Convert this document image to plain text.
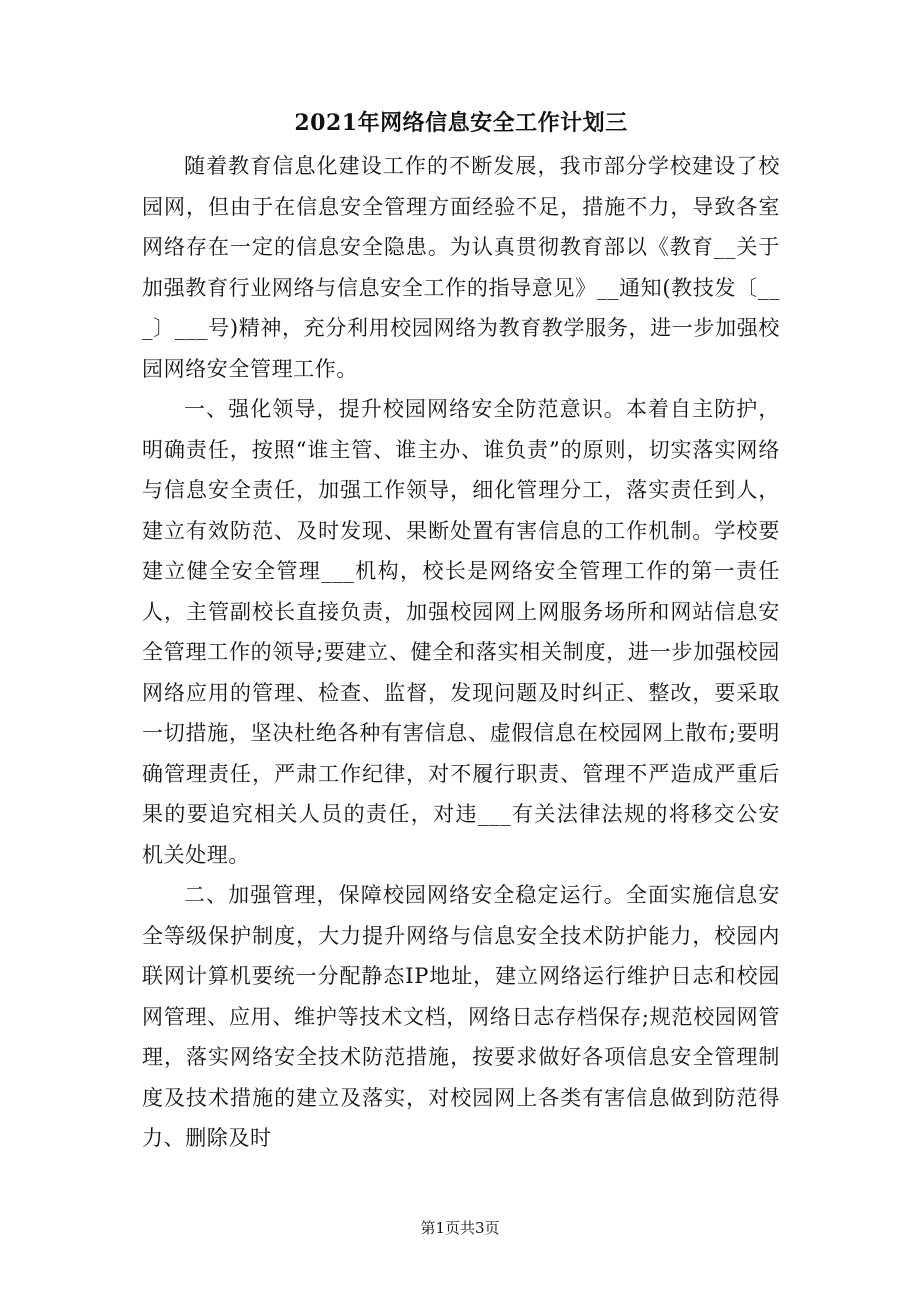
2021年网络信息安全工作计划三

随着教育信息化建设工作的不断发展，我市部分学校建设了校园网，但由于在信息安全管理方面经验不足，措施不力，导致各室网络存在一定的信息安全隐患。为认真贯彻教育部以《教育__关于加强教育行业网络与信息安全工作的指导意见》__通知(教技发〔___〕___号)精神，充分利用校园网络为教育教学服务，进一步加强校园网络安全管理工作。

一、强化领导，提升校园网络安全防范意识。本着自主防护，明确责任，按照“谁主管、谁主办、谁负责”的原则，切实落实网络与信息安全责任，加强工作领导，细化管理分工，落实责任到人，建立有效防范、及时发现、果断处置有害信息的工作机制。学校要建立健全安全管理___机构，校长是网络安全管理工作的第一责任人，主管副校长直接负责，加强校园网上网服务场所和网站信息安全管理工作的领导;要建立、健全和落实相关制度，进一步加强校园网络应用的管理、检查、监督，发现问题及时纠正、整改，要采取一切措施，坚决杜绝各种有害信息、虚假信息在校园网上散布;要明确管理责任，严肃工作纪律，对不履行职责、管理不严造成严重后果的要追究相关人员的责任，对违___有关法律法规的将移交公安机关处理。

二、加强管理，保障校园网络安全稳定运行。全面实施信息安全等级保护制度，大力提升网络与信息安全技术防护能力，校园内联网计算机要统一分配静态IP地址，建立网络运行维护日志和校园网管理、应用、维护等技术文档，网络日志存档保存;规范校园网管理，落实网络安全技术防范措施，按要求做好各项信息安全管理制度及技术措施的建立及落实，对校园网上各类有害信息做到防范得力、删除及时

第1页共3页
